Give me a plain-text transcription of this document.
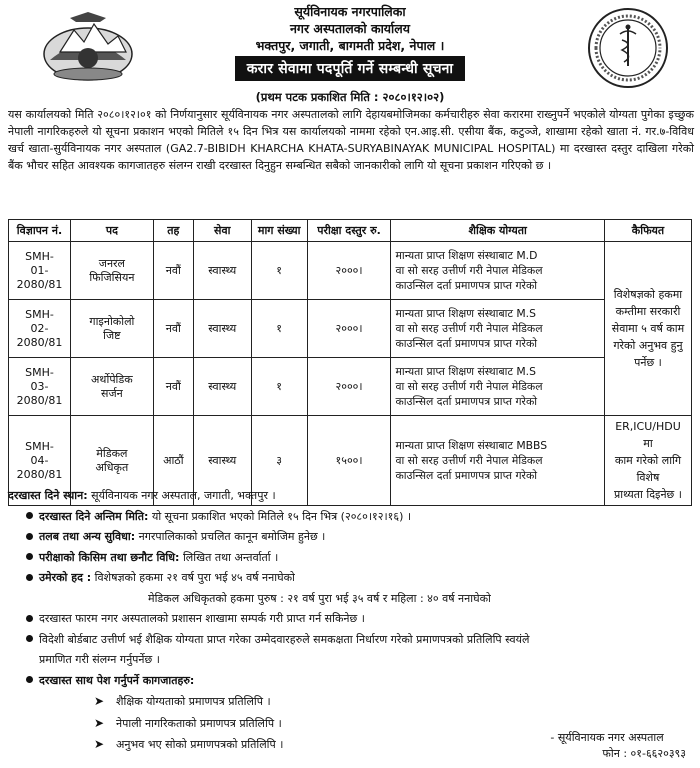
सूर्यविनायक नगरपालिका
नगर अस्पतालको कार्यालय
भक्तपुर, जगाती, बागमती प्रदेश, नेपाल ।
करार सेवामा पदपूर्ति गर्ने सम्बन्धी सूचना
(प्रथम पटक प्रकाशित मिति : २०८०।१२।०२)
यस कार्यालयको मिति २०८०।१२।०१ को निर्णयानुसार सूर्यविनायक नगर अस्पतालको लागि देहायबमोजिमका कर्मचारीहरु सेवा करारमा राख्नुपर्ने भएकोले योग्यता पुगेका इच्छुक नेपाली नागरिकहरुले यो सूचना प्रकाशन भएको मितिले १५ दिन भित्र यस कार्यालयको नाममा रहेको एन.आइ.सी. एसीया बैंक, कटुञ्जे, शाखामा रहेको खाता नं. गर.७-विविध खर्च खाता-सुर्यविनायक नगर अस्पताल (GA2.7-BIBIDH KHARCHA KHATA-SURYABINAYAK MUNICIPAL HOSPITAL) मा दरखास्त दस्तुर दाखिला गरेको बैंक भौचर सहित आवश्यक कागजातहरु संलग्न राखी दरखास्त दिनुहुन सम्बन्धित सबैको जानकारीको लागि यो सूचना प्रकाशन गरिएको छ ।
विज्ञापन नं.	पद	तह	सेवा	माग संख्या	परीक्षा दस्तुर रु.	शैक्षिक योग्यता	कैफियत
SMH-
01-
2080/81	जनरल
फिजिसियन	नवौं	स्वास्थ्य	१	२०००।	मान्यता प्राप्त शिक्षण संस्थाबाट M.D
वा सो सरह उत्तीर्ण गरी नेपाल मेडिकल
काउन्सिल दर्ता प्रमाणपत्र प्राप्त गरेको	विशेषज्ञको हकमा
कम्तीमा सरकारी
सेवामा ५ वर्ष काम
गरेको अनुभव हुनु
पर्नेछ ।
SMH-
02-
2080/81	गाइनोकोलो
जिष्ट	नवौं	स्वास्थ्य	१	२०००।	मान्यता प्राप्त शिक्षण संस्थाबाट M.S
वा सो सरह उत्तीर्ण गरी नेपाल मेडिकल
काउन्सिल दर्ता प्रमाणपत्र प्राप्त गरेको	
SMH-
03-
2080/81	अर्थोपेडिक
सर्जन	नवौं	स्वास्थ्य	१	२०००।	मान्यता प्राप्त शिक्षण संस्थाबाट M.S
वा सो सरह उत्तीर्ण गरी नेपाल मेडिकल
काउन्सिल दर्ता प्रमाणपत्र प्राप्त गरेको	
SMH-
04-
2080/81	मेडिकल
अधिकृत	आठौं	स्वास्थ्य	३	१५००।	मान्यता प्राप्त शिक्षण संस्थाबाट MBBS
वा सो सरह उत्तीर्ण गरी नेपाल मेडिकल
काउन्सिल दर्ता प्रमाणपत्र प्राप्त गरेको	ER,ICU/HDU मा
काम गरेको लागि विशेष
प्राथ्यता दिइनेछ ।
दरखास्त दिने स्थान: सूर्यविनायक नगर अस्पताल, जगाती, भक्तपुर ।
दरखास्त दिने अन्तिम मिति: यो सूचना प्रकाशित भएको मितिले १५ दिन भित्र (२०८०।१२।१६) ।
तलब तथा अन्य सुविधा: नगरपालिकाको प्रचलित कानून बमोजिम हुनेछ ।
परीक्षाको किसिम तथा छनौट विधि: लिखित तथा अन्तर्वार्ता ।
उमेरको हद : विशेषज्ञको हकमा २१ वर्ष पुरा भई ४५ वर्ष ननाघेको
मेडिकल अधिकृतको हकमा पुरुष : २१ वर्ष पुरा भई ३५ वर्ष र महिला : ४० वर्ष ननाघेको
दरखास्त फारम नगर अस्पतालको प्रशासन शाखामा सम्पर्क गरी प्राप्त गर्न सकिनेछ ।
विदेशी बोर्डबाट उत्तीर्ण भई शैक्षिक योग्यता प्राप्त गरेका उम्मेदवारहरुले समकक्षता निर्धारण गरेको प्रमाणपत्रको प्रतिलिपि स्वयंले
प्रमाणित गरी संलग्न गर्नुपर्नेछ ।
दरखास्त साथ पेश गर्नुपर्ने कागजातहरु:
➤ शैक्षिक योग्यताको प्रमाणपत्र प्रतिलिपि ।
➤ नेपाली नागरिकताको प्रमाणपत्र प्रतिलिपि ।
➤ अनुभव भए सोको प्रमाणपत्रको प्रतिलिपि ।
- सूर्यविनायक नगर अस्पताल
फोन : ०१-६६२०३९३
